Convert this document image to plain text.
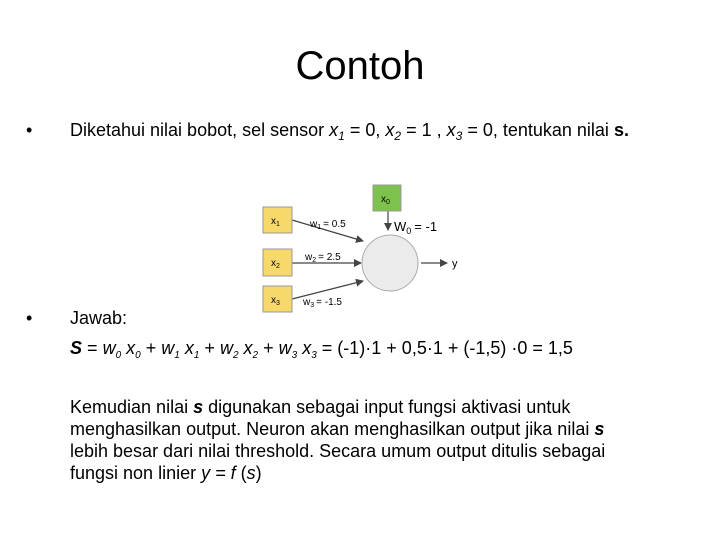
Contoh
• Diketahui nilai bobot, sel sensor $x_1 = 0$, $x_2 = 1$ , $x_3 = 0$, tentukan nilai s.
$x_0$
$x_1$
$x_2$
$x_3$
$w_1 = 0.5$
$w_2 = 2.5$
$w_3 = -1.5$
$W_0 = -1$
y
• Jawab:
$S = w_0$ $x_0 + w_1$ $x_1 + w_2$ $x_2 + w_3$ $x_3 = (-1)\cdot 1 + 0,5\cdot 1 + (-1,5) \cdot 0 = 1,5$

Kemudian nilai s digunakan sebagai input fungsi aktivasi untuk

menghasilkan output. Neuron akan menghasilkan output jika nilai s

lebih besar dari nilai threshold. Secara umum output ditulis sebagai

fungsi non linier y = f (s)
